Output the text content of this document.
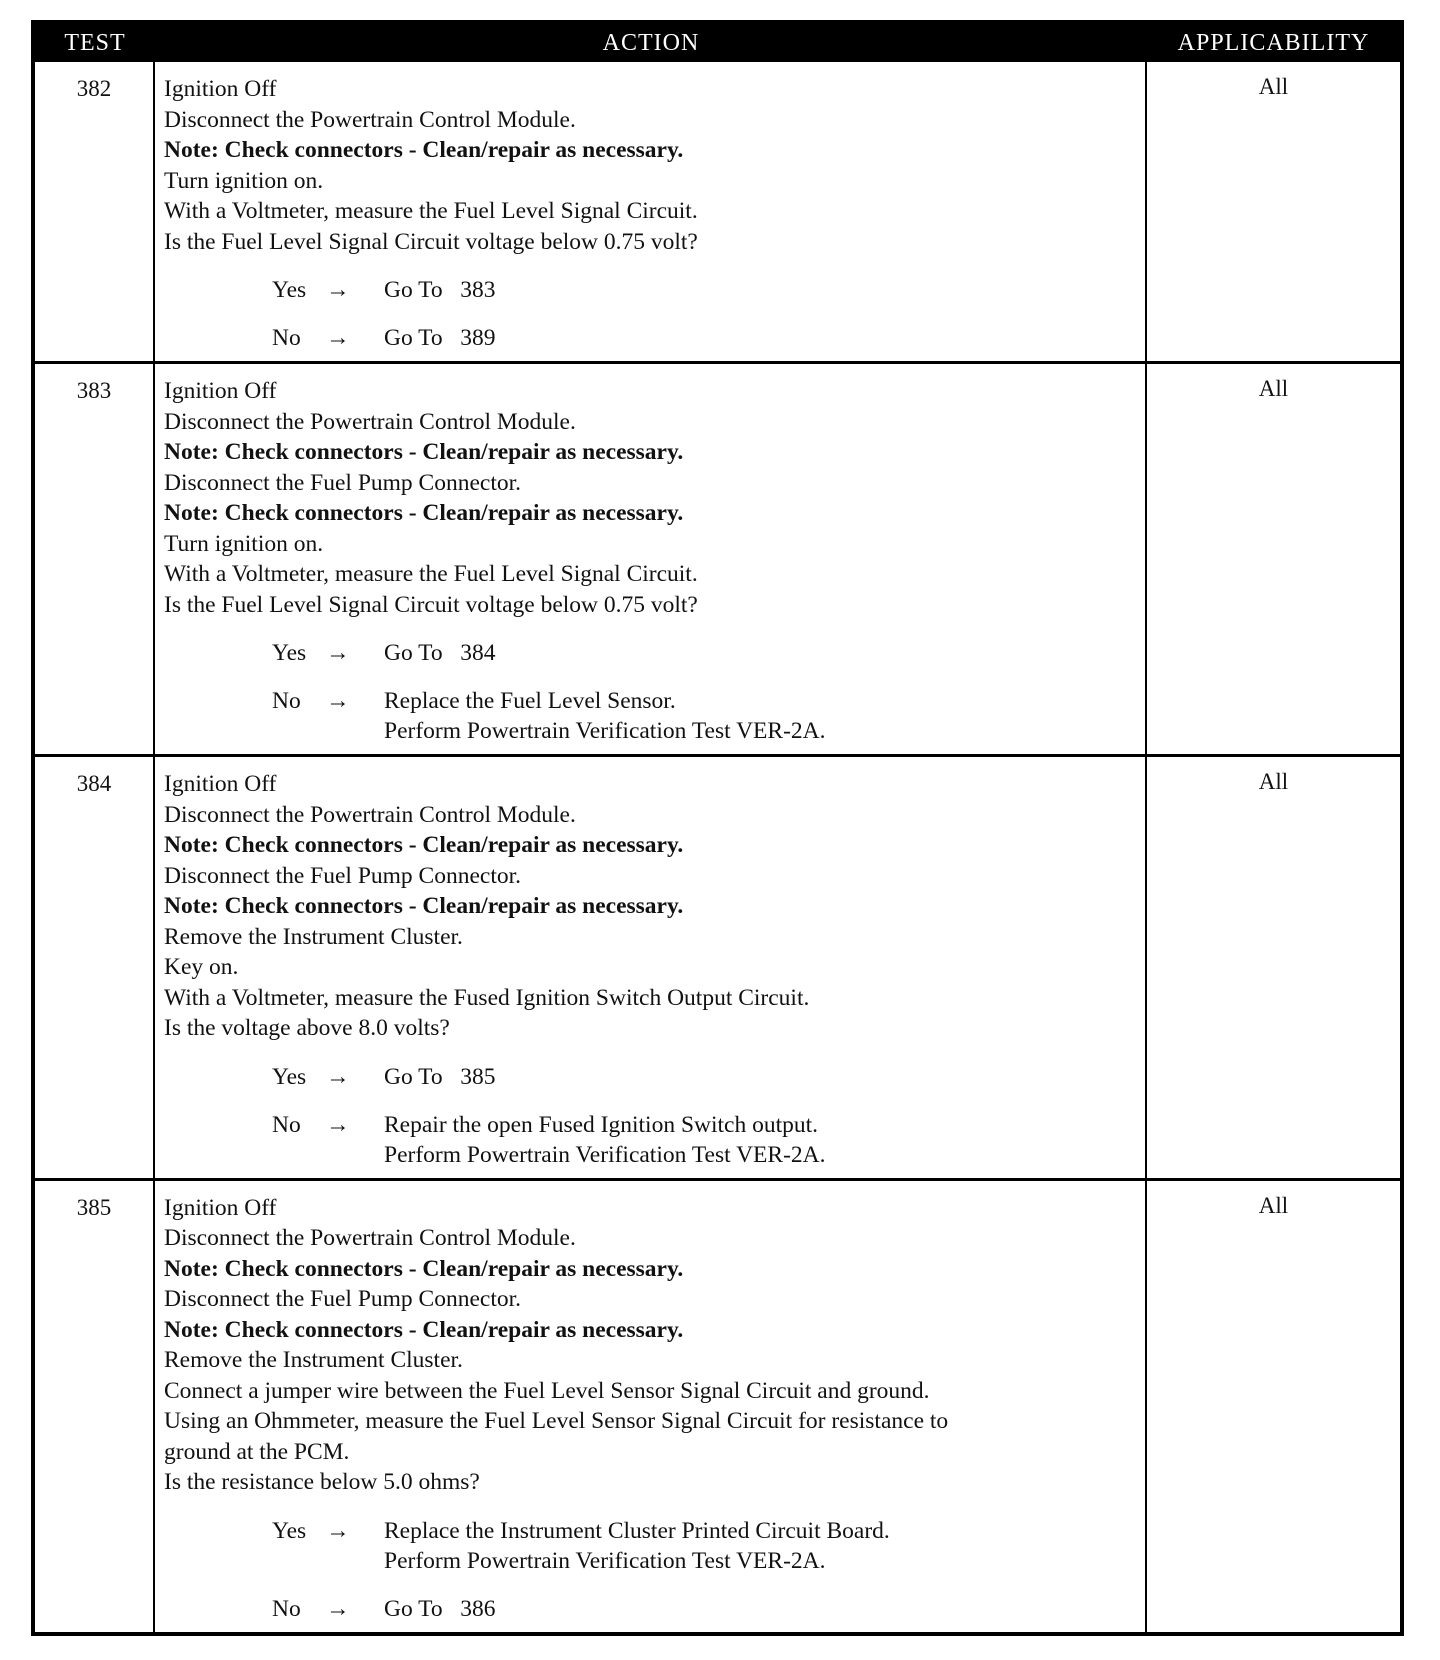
TEST	ACTION	APPLICABILITY
382	Ignition Off
Disconnect the Powertrain Control Module.
Note: Check connectors - Clean/repair as necessary.
Turn ignition on.
With a Voltmeter, measure the Fuel Level Signal Circuit.
Is the Fuel Level Signal Circuit voltage below 0.75 volt?
Yes →	Go To   383
No	→	Go To   389
All
383	Ignition Off
Disconnect the Powertrain Control Module.
Note: Check connectors - Clean/repair as necessary.
Disconnect the Fuel Pump Connector.
Note: Check connectors - Clean/repair as necessary.
Turn ignition on.
With a Voltmeter, measure the Fuel Level Signal Circuit.
Is the Fuel Level Signal Circuit voltage below 0.75 volt?
Yes →	Go To   384
No	→	Replace the Fuel Level Sensor.
Perform Powertrain Verification Test VER-2A.
All
384	Ignition Off
Disconnect the Powertrain Control Module.
Note: Check connectors - Clean/repair as necessary.
Disconnect the Fuel Pump Connector.
Note: Check connectors - Clean/repair as necessary.
Remove the Instrument Cluster.
Key on.
With a Voltmeter, measure the Fused Ignition Switch Output Circuit.
Is the voltage above 8.0 volts?
Yes →	Go To   385
No	→	Repair the open Fused Ignition Switch output.
Perform Powertrain Verification Test VER-2A.
All
385	Ignition Off
Disconnect the Powertrain Control Module.
Note: Check connectors - Clean/repair as necessary.
Disconnect the Fuel Pump Connector.
Note: Check connectors - Clean/repair as necessary.
Remove the Instrument Cluster.
Connect a jumper wire between the Fuel Level Sensor Signal Circuit and ground.
Using an Ohmmeter, measure the Fuel Level Sensor Signal Circuit for resistance to
ground at the PCM.
Is the resistance below 5.0 ohms?
Yes →	Replace the Instrument Cluster Printed Circuit Board.
Perform Powertrain Verification Test VER-2A.
No	→	Go To   386
All
